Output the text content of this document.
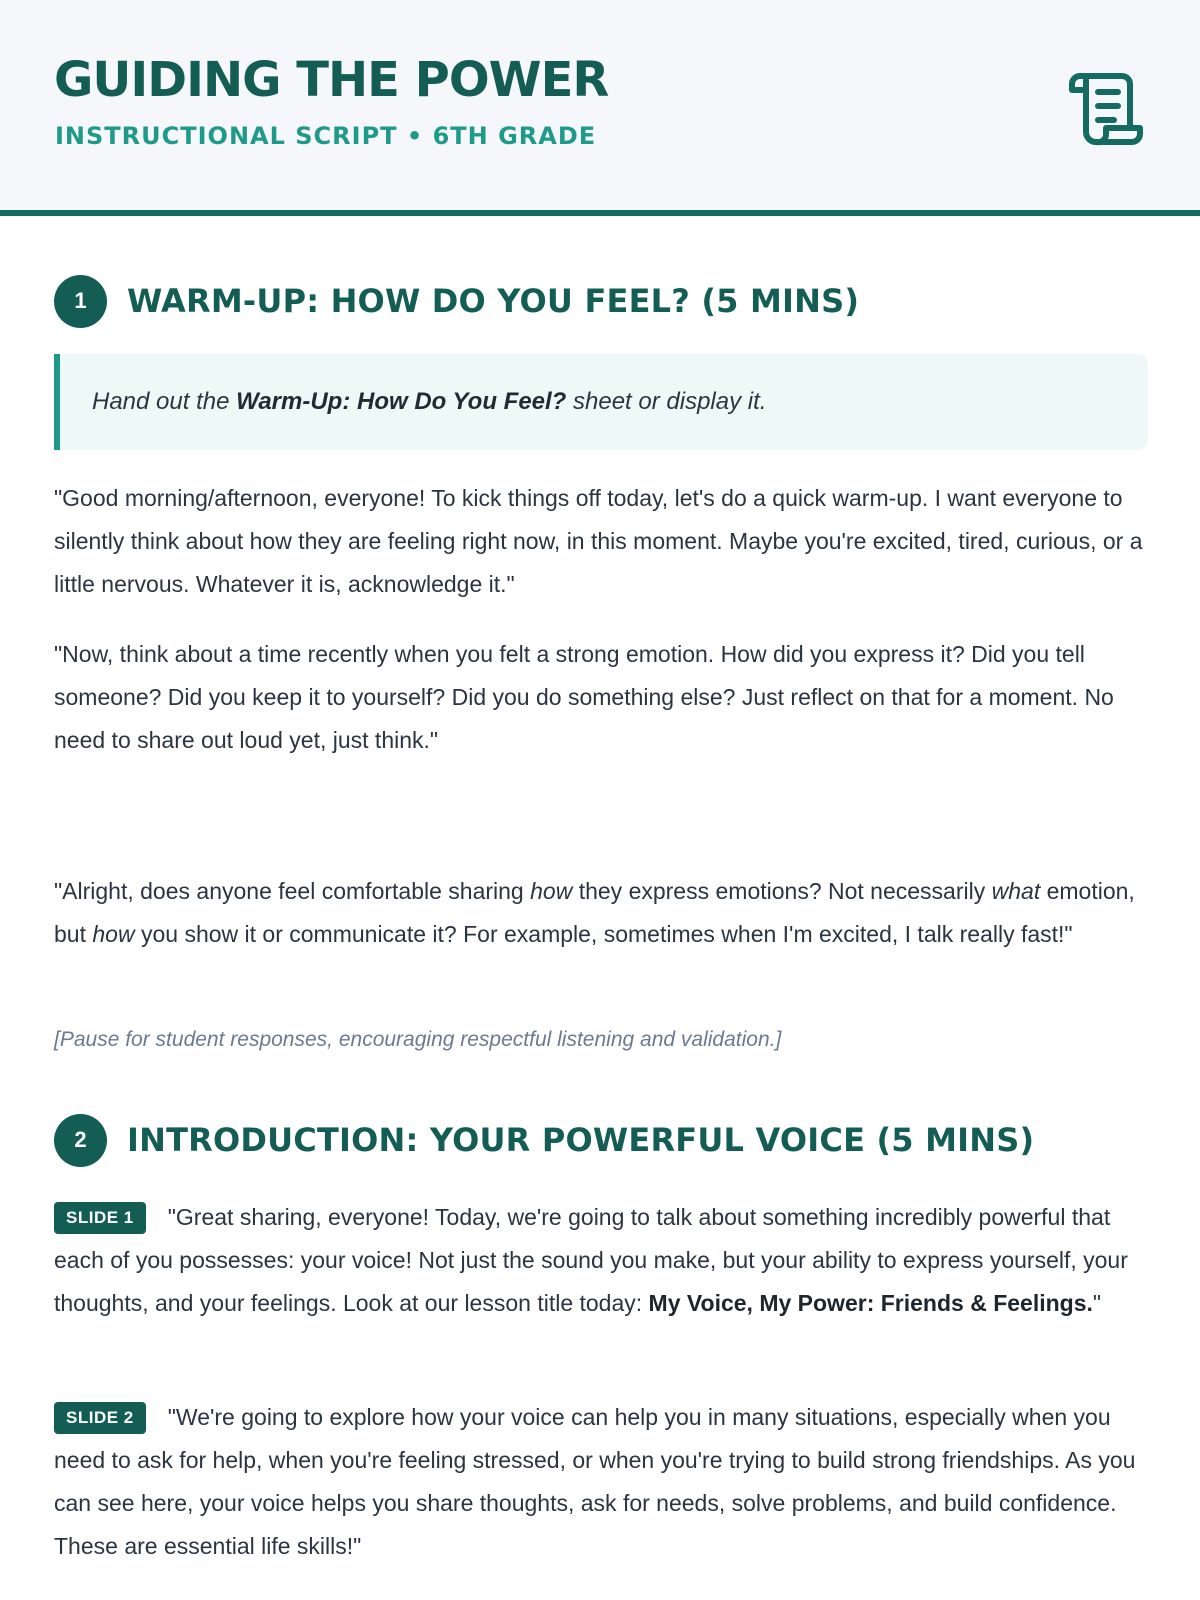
GUIDING THE POWER
INSTRUCTIONAL SCRIPT • 6TH GRADE
1	WARM-UP: HOW DO YOU FEEL? (5 MINS)
Hand out the Warm-Up: How Do You Feel? sheet or display it.

"Good morning/afternoon, everyone! To kick things off today, let's do a quick warm-up. I want everyone to silently think about how they are feeling right now, in this moment. Maybe you're excited, tired, curious, or a little nervous. Whatever it is, acknowledge it."

"Now, think about a time recently when you felt a strong emotion. How did you express it? Did you tell someone? Did you keep it to yourself? Did you do something else? Just reflect on that for a moment. No need to share out loud yet, just think."

"Alright, does anyone feel comfortable sharing how they express emotions? Not necessarily what emotion, but how you show it or communicate it? For example, sometimes when I'm excited, I talk really fast!"

[Pause for student responses, encouraging respectful listening and validation.]
2	INTRODUCTION: YOUR POWERFUL VOICE (5 MINS)

SLIDE 1 "Great sharing, everyone! Today, we're going to talk about something incredibly powerful that each of you possesses: your voice! Not just the sound you make, but your ability to express yourself, your thoughts, and your feelings. Look at our lesson title today: My Voice, My Power: Friends & Feelings."

SLIDE 2 "We're going to explore how your voice can help you in many situations, especially when you need to ask for help, when you're feeling stressed, or when you're trying to build strong friendships. As you can see here, your voice helps you share thoughts, ask for needs, solve problems, and build confidence. These are essential life skills!"
